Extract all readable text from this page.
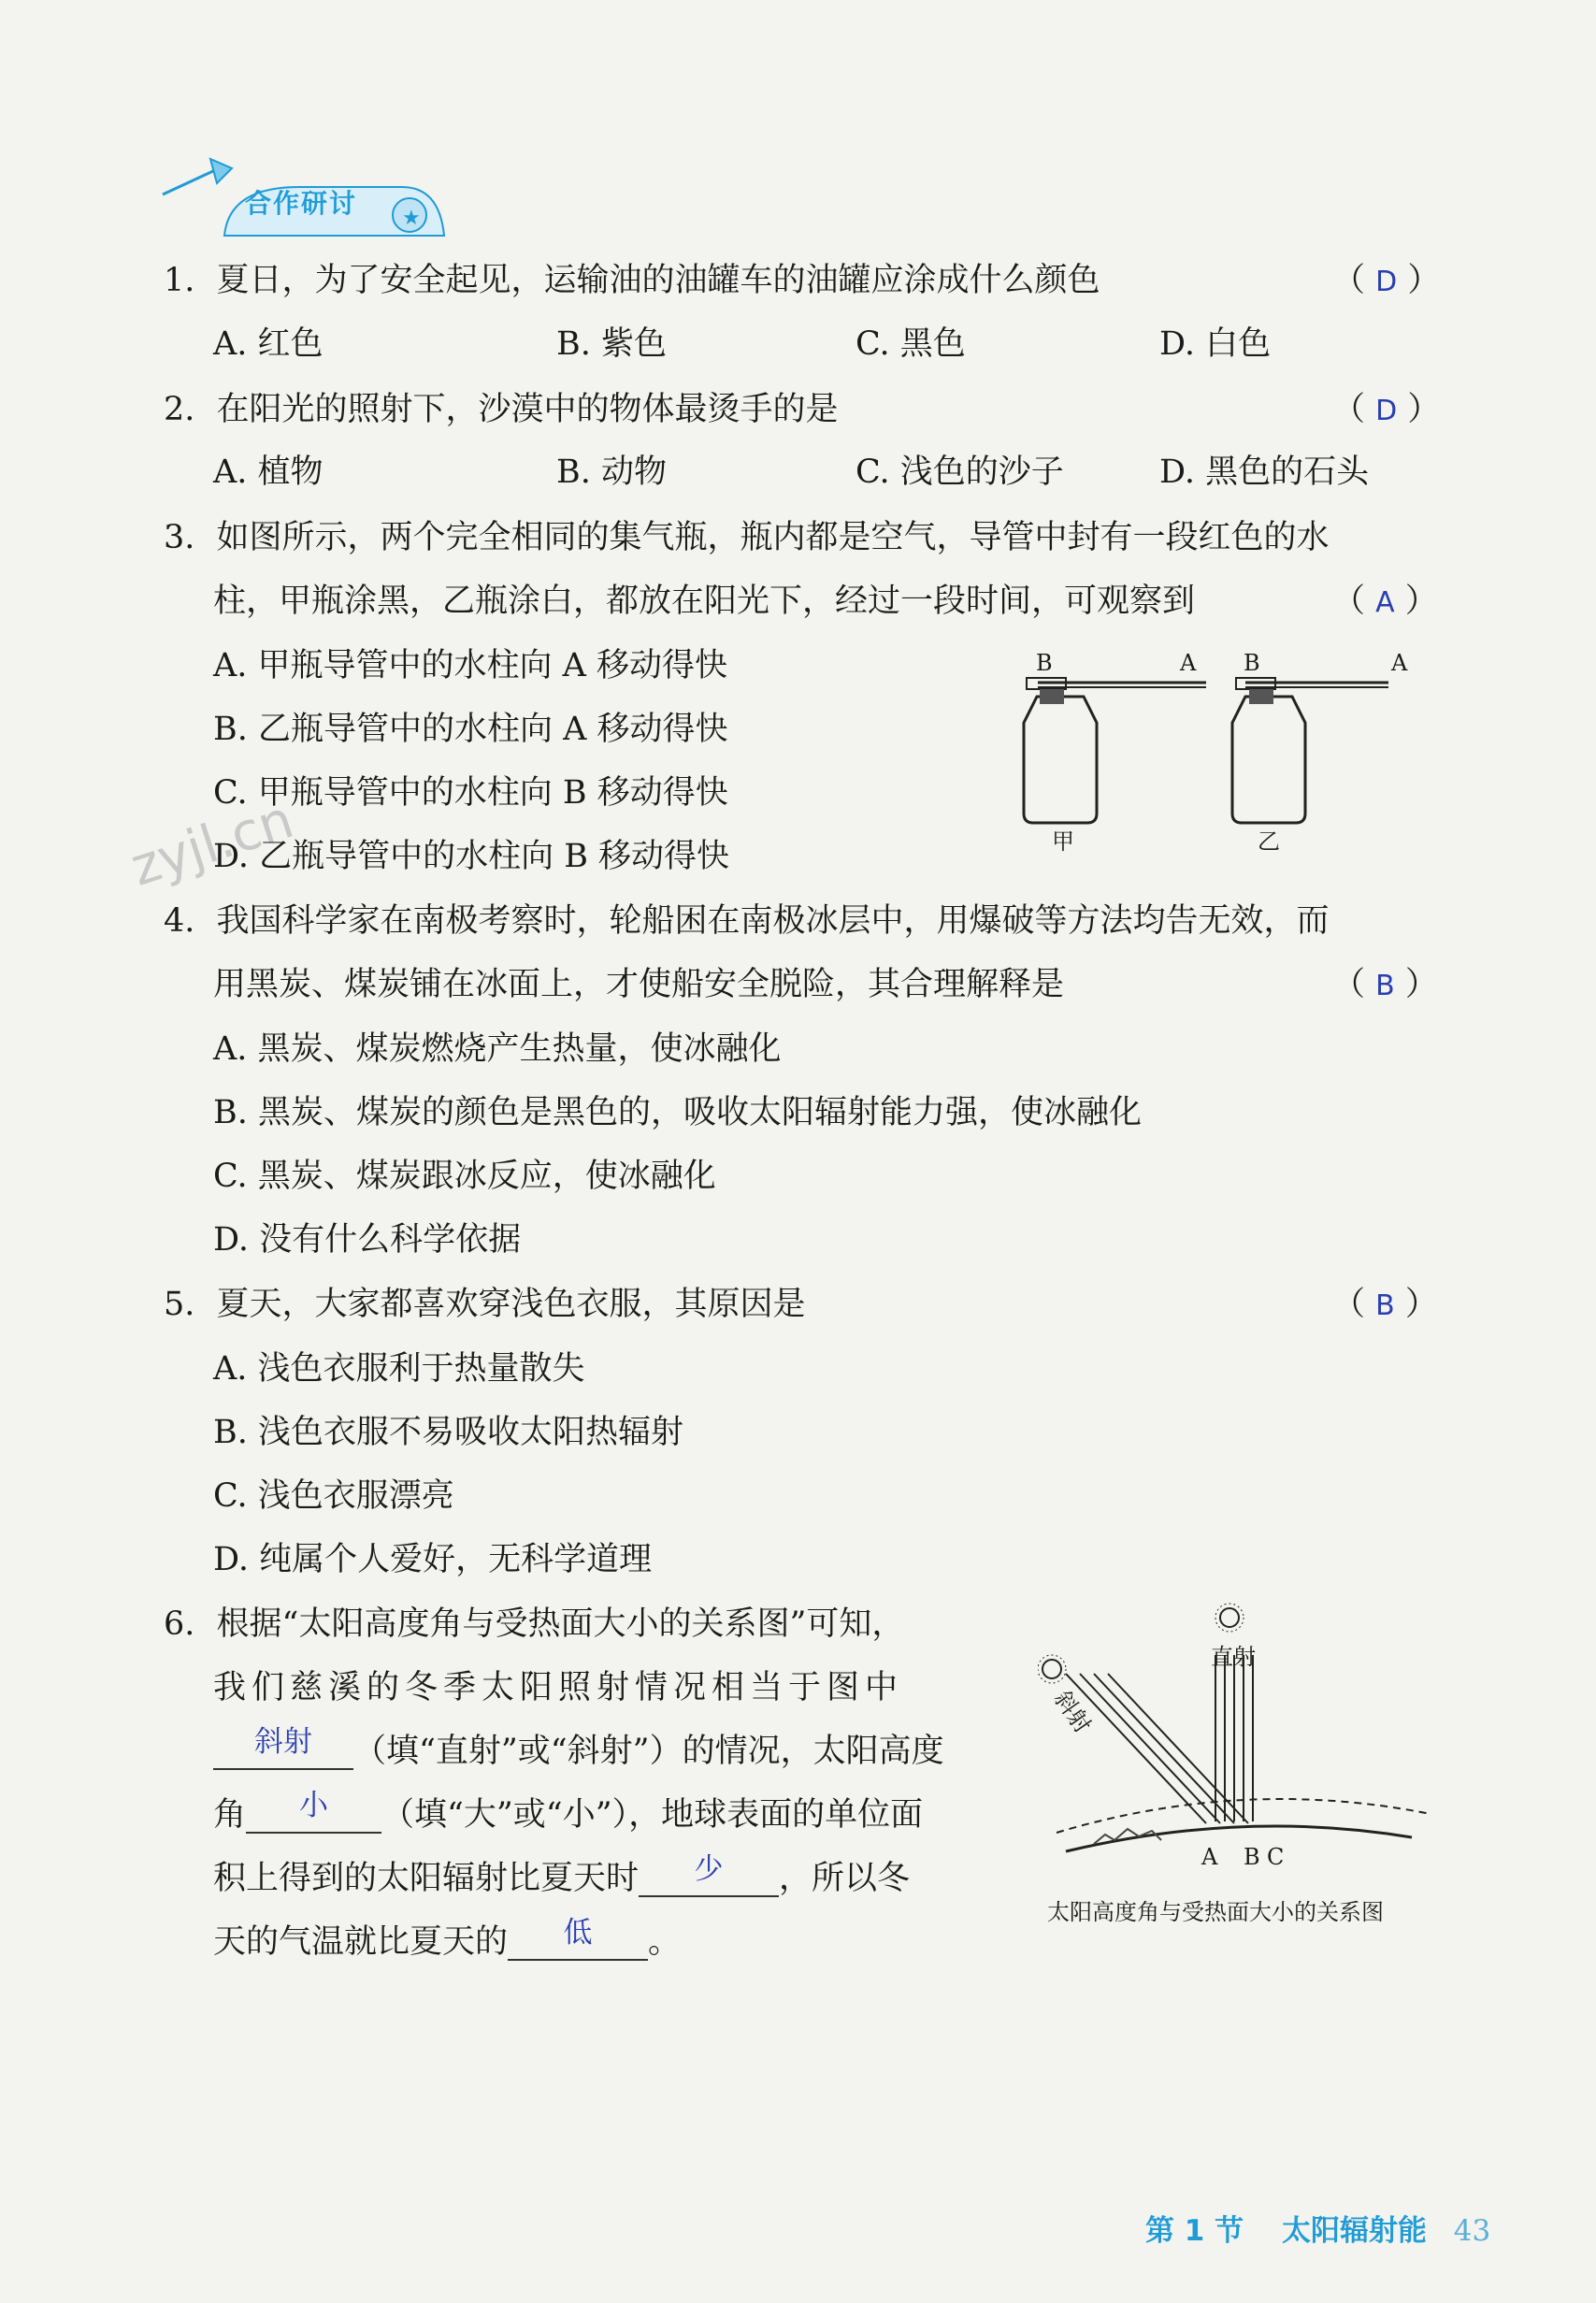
★
合作研讨
zyjl.cn
1. 夏日，为了安全起见，运输油的油罐车的油罐应涂成什么颜色	（ D ）
A. 红色	B. 紫色	C. 黑色	D. 白色
2. 在阳光的照射下，沙漠中的物体最烫手的是	（ D ）
A. 植物	B. 动物	C. 浅色的沙子	D. 黑色的石头
3. 如图所示，两个完全相同的集气瓶，瓶内都是空气，导管中封有一段红色的水
柱，甲瓶涂黑，乙瓶涂白，都放在阳光下，经过一段时间，可观察到	（ A ）
A. 甲瓶导管中的水柱向 A 移动得快
B. 乙瓶导管中的水柱向 A 移动得快
C. 甲瓶导管中的水柱向 B 移动得快
D. 乙瓶导管中的水柱向 B 移动得快
B	A B	A
甲	乙
4. 我国科学家在南极考察时，轮船困在南极冰层中，用爆破等方法均告无效，而
用黑炭、煤炭铺在冰面上，才使船安全脱险，其合理解释是	（ B ）
A. 黑炭、煤炭燃烧产生热量，使冰融化
B. 黑炭、煤炭的颜色是黑色的，吸收太阳辐射能力强，使冰融化
C. 黑炭、煤炭跟冰反应，使冰融化
D. 没有什么科学依据
5. 夏天，大家都喜欢穿浅色衣服，其原因是	（ B ）
A. 浅色衣服利于热量散失
B. 浅色衣服不易吸收太阳热辐射
C. 浅色衣服漂亮
D. 纯属个人爱好，无科学道理
6. 根据“太阳高度角与受热面大小的关系图”可知，
我们慈溪的冬季太阳照射情况相当于图中
斜射	（填“直射”或“斜射”）的情况，太阳高度
角	小	（填“大”或“小”），地球表面的单位面
积上得到的太阳辐射比夏天时	少	，所以冬
天的气温就比夏天的	低	。
直射
斜射
A B C
太阳高度角与受热面大小的关系图
第 1 节 太阳辐射能 43
